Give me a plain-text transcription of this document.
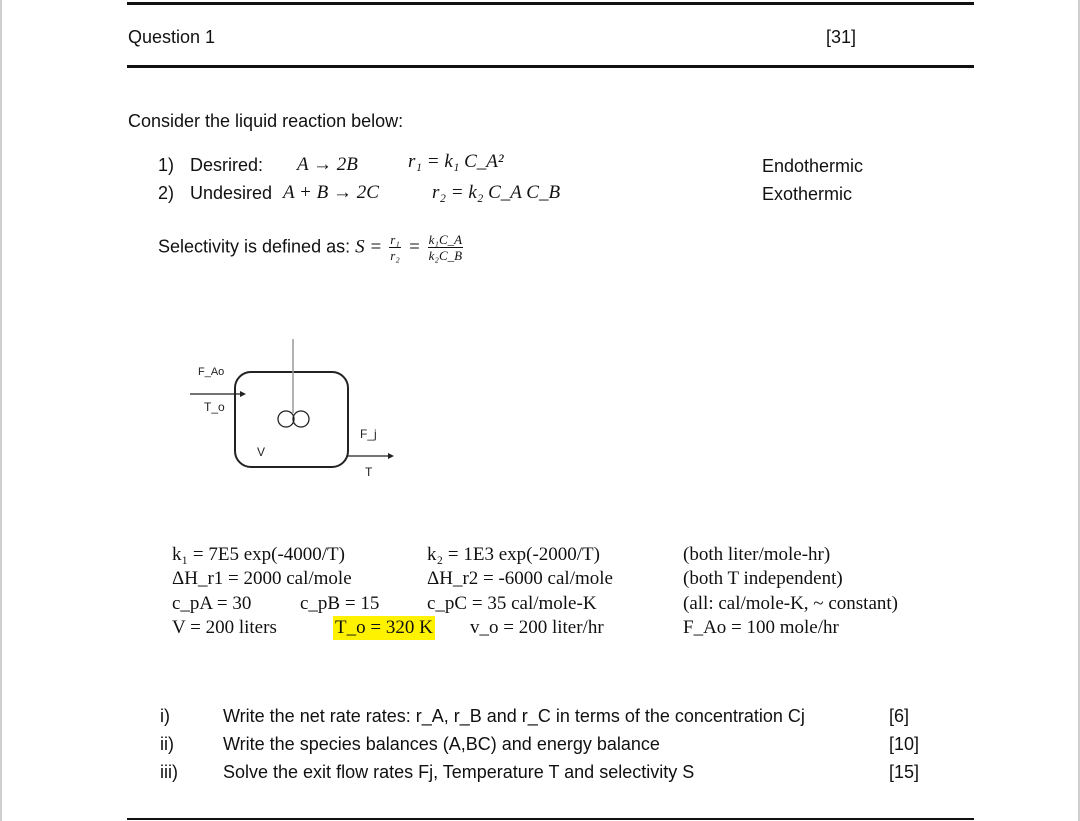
Question 1	[31]
Consider the liquid reaction below:
1) Desrired: A → 2B	r₁ = k₁ C_A²	Endothermic
2) Undesired A + B → 2C	r₂ = k₂ C_A C_B	Exothermic
Selectivity is defined as: $S = \frac{\text{r₁}}{\text{r₂}} = \frac{\text{k₁C\_A}}{\text{k₂C\_B}}$
F_Ao
T_o
V
F_j
T
k₁ = 7E5 exp(-4000/T)	k₂ = 1E3 exp(-2000/T)	(both liter/mole-hr)
ΔH_r1 = 2000 cal/mole	ΔH_r2 = -6000 cal/mole	(both T independent)
c_pA = 30	c_pB = 15	c_pC = 35 cal/mole-K	(all: cal/mole-K, ~ constant)
V = 200 liters	T_o = 320 K v_o = 200 liter/hr	F_Ao = 100 mole/hr
i)	Write the net rate rates: r_A, r_B and r_C in terms of the concentration Cj	[6]
ii)	Write the species balances (A,BC) and energy balance	[10]
iii)	Solve the exit flow rates Fj, Temperature T and selectivity S	[15]
